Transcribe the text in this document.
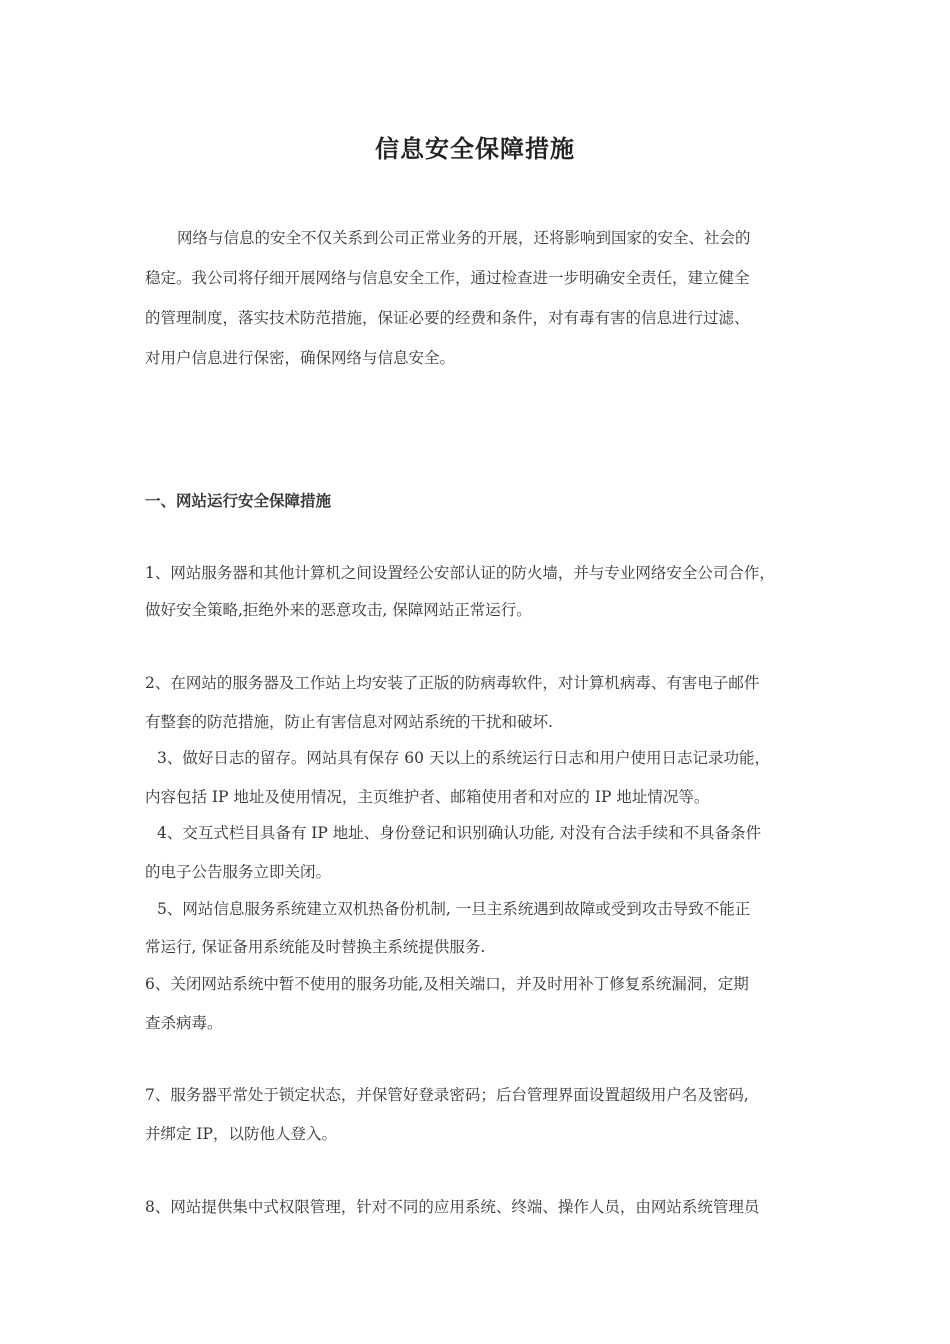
信息安全保障措施
网络与信息的安全不仅关系到公司正常业务的开展，还将影响到国家的安全、社会的
稳定。我公司将仔细开展网络与信息安全工作，通过检查进一步明确安全责任，建立健全
的管理制度，落实技术防范措施，保证必要的经费和条件，对有毒有害的信息进行过滤、
对用户信息进行保密，确保网络与信息安全。
一、网站运行安全保障措施
1、网站服务器和其他计算机之间设置经公安部认证的防火墙，并与专业网络安全公司合作，
做好安全策略,拒绝外来的恶意攻击, 保障网站正常运行。
2、在网站的服务器及工作站上均安装了正版的防病毒软件，对计算机病毒、有害电子邮件
有整套的防范措施，防止有害信息对网站系统的干扰和破坏.
3、做好日志的留存。网站具有保存 60 天以上的系统运行日志和用户使用日志记录功能，
内容包括 IP 地址及使用情况，主页维护者、邮箱使用者和对应的 IP 地址情况等。
4、交互式栏目具备有 IP 地址、身份登记和识别确认功能, 对没有合法手续和不具备条件
的电子公告服务立即关闭。
5、网站信息服务系统建立双机热备份机制, 一旦主系统遇到故障或受到攻击导致不能正
常运行, 保证备用系统能及时替换主系统提供服务.
6、关闭网站系统中暂不使用的服务功能,及相关端口，并及时用补丁修复系统漏洞，定期
查杀病毒。
7、服务器平常处于锁定状态，并保管好登录密码；后台管理界面设置超级用户名及密码,
并绑定 IP，以防他人登入。
8、网站提供集中式权限管理，针对不同的应用系统、终端、操作人员，由网站系统管理员
